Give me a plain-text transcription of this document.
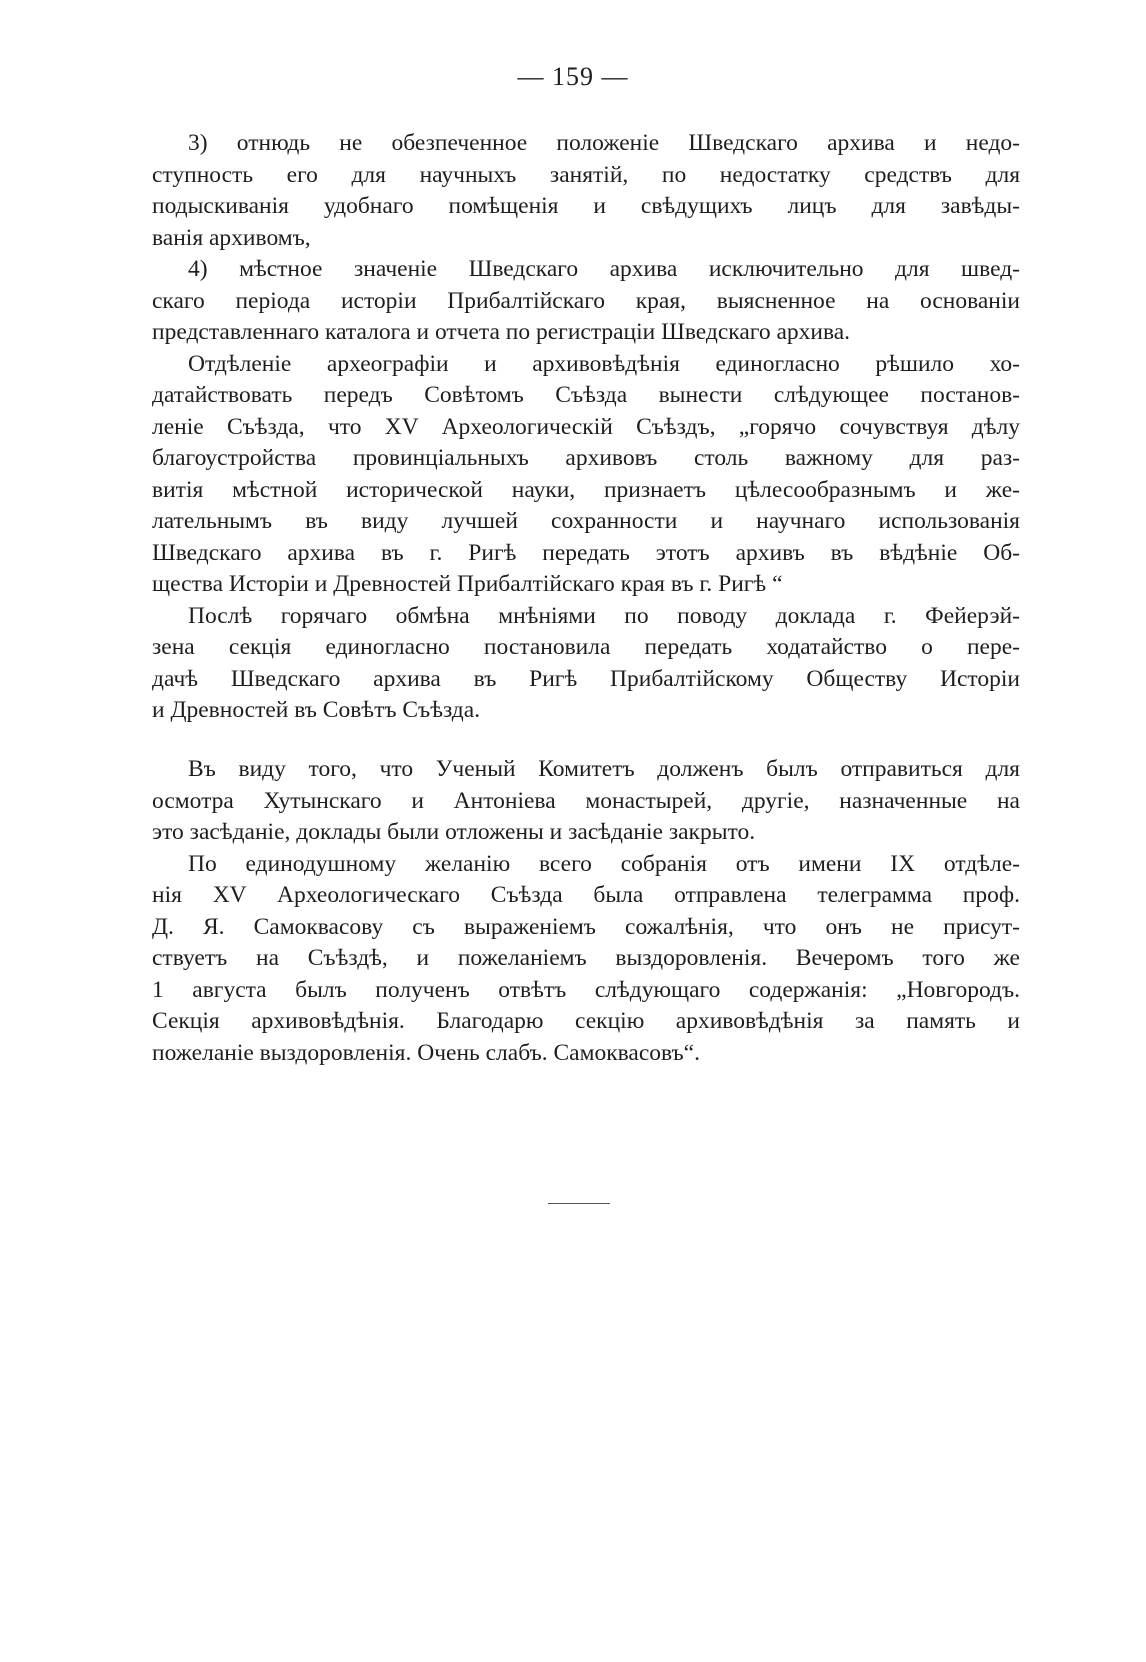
— 159 —

3) отнюдь не обезпеченное положеніе Шведскаго архива и недо-
ступность его для научныхъ занятій, по недостатку средствъ для
подыскиванія удобнаго помѣщенія и свѣдущихъ лицъ для завѣды-
ванія архивомъ,
4) мѣстное значеніе Шведскаго архива исключительно для швед-
скаго періода исторіи Прибалтійскаго края, выясненное на основаніи
представленнаго каталога и отчета по регистраціи Шведскаго архива.
Отдѣленіе археографіи и архивовѣдѣнія единогласно рѣшило хо-
датайствовать передъ Совѣтомъ Съѣзда вынести слѣдующее постанов-
леніе Съѣзда, что XV Археологическій Съѣздъ, „горячо сочувствуя дѣлу
благоустройства провинціальныхъ архивовъ столь важному для раз-
витія мѣстной исторической науки, признаетъ цѣлесообразнымъ и же-
лательнымъ въ виду лучшей сохранности и научнаго использованія
Шведскаго архива въ г. Ригѣ передать этотъ архивъ въ вѣдѣніе Об-
щества Исторіи и Древностей Прибалтійскаго края въ г. Ригѣ “
Послѣ горячаго обмѣна мнѣніями по поводу доклада г. Фейерэй-
зена секція единогласно постановила передать ходатайство о пере-
дачѣ Шведскаго архива въ Ригѣ Прибалтійскому Обществу Исторіи
и Древностей въ Совѣтъ Съѣзда.
Въ виду того, что Ученый Комитетъ долженъ былъ отправиться для
осмотра Хутынскаго и Антоніева монастырей, другіе, назначенные на
это засѣданіе, доклады были отложены и засѣданіе закрыто.
По единодушному желанію всего собранія отъ имени IX отдѣле-
нія XV Археологическаго Съѣзда была отправлена телеграмма проф.
Д. Я. Самоквасову съ выраженіемъ сожалѣнія, что онъ не присут-
ствуетъ на Съѣздѣ, и пожеланіемъ выздоровленія. Вечеромъ того же
1 августа былъ полученъ отвѣтъ слѣдующаго содержанія: „Новгородъ.
Секція архивовѣдѣнія. Благодарю секцію архивовѣдѣнія за память и
пожеланіе выздоровленія. Очень слабъ. Самоквасовъ“.
